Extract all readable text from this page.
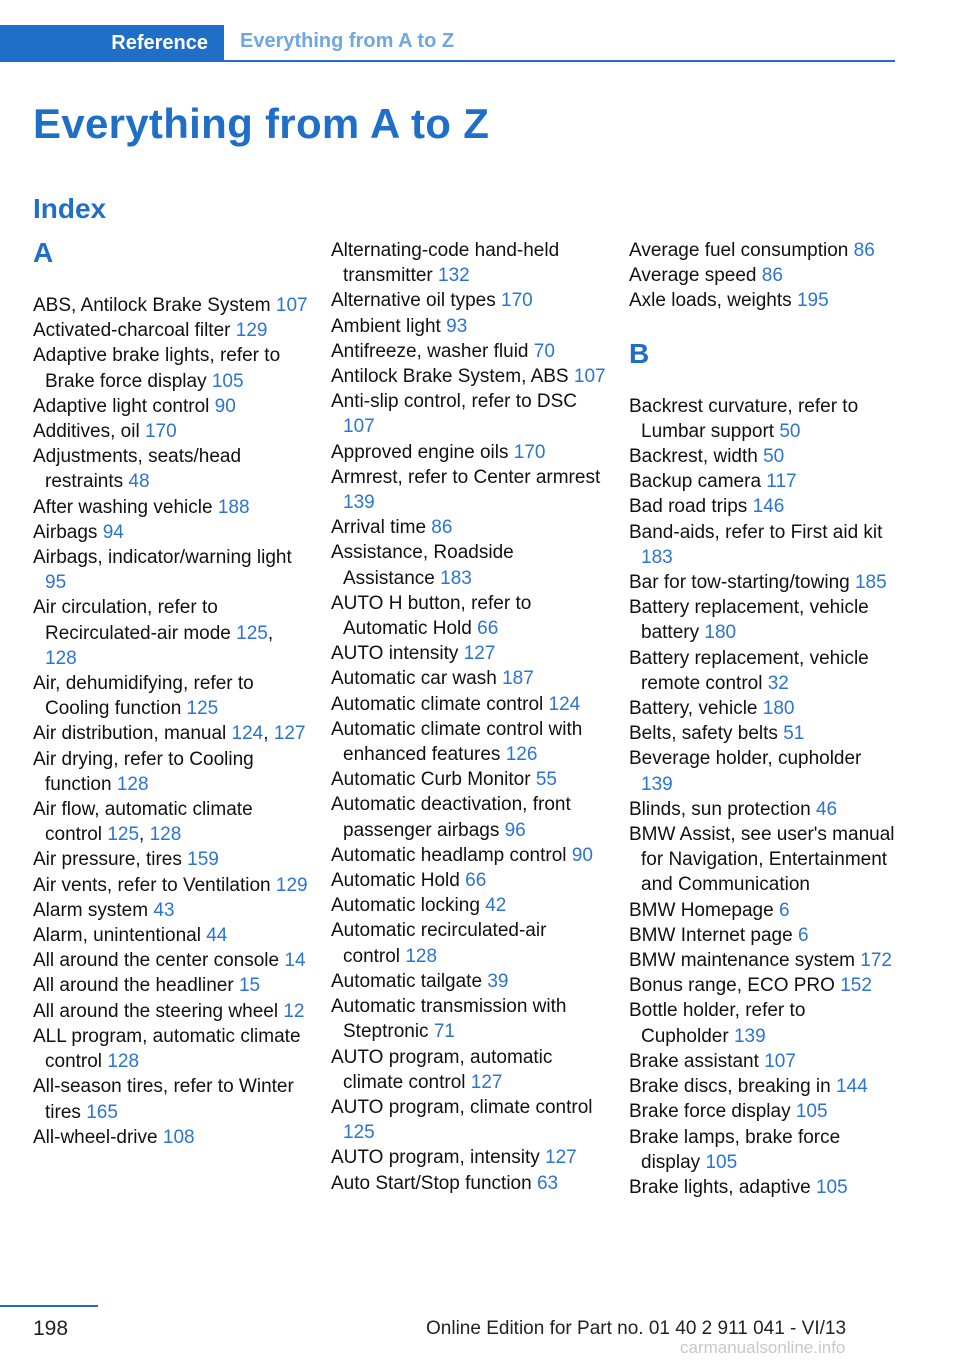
Reference Everything from A to Z
Everything from A to Z
Index
A
ABS, Antilock Brake System 107
Activated-charcoal filter 129
Adaptive brake lights, refer to Brake force display 105
Adaptive light control 90
Additives, oil 170
Adjustments, seats/head restraints 48
After washing vehicle 188
Airbags 94
Airbags, indicator/warning light 95
Air circulation, refer to Recirculated-air mode 125, 128
Air, dehumidifying, refer to Cooling function 125
Air distribution, manual 124, 127
Air drying, refer to Cooling function 128
Air flow, automatic climate control 125, 128
Air pressure, tires 159
Air vents, refer to Ventilation 129
Alarm system 43
Alarm, unintentional 44
All around the center console 14
All around the headliner 15
All around the steering wheel 12
ALL program, automatic climate control 128
All-season tires, refer to Winter tires 165
All-wheel-drive 108
Alternating-code hand-held transmitter 132
Alternative oil types 170
Ambient light 93
Antifreeze, washer fluid 70
Antilock Brake System, ABS 107
Anti-slip control, refer to DSC 107
Approved engine oils 170
Armrest, refer to Center armrest 139
Arrival time 86
Assistance, Roadside Assistance 183
AUTO H button, refer to Automatic Hold 66
AUTO intensity 127
Automatic car wash 187
Automatic climate control 124
Automatic climate control with enhanced features 126
Automatic Curb Monitor 55
Automatic deactivation, front passenger airbags 96
Automatic headlamp control 90
Automatic Hold 66
Automatic locking 42
Automatic recirculated-air control 128
Automatic tailgate 39
Automatic transmission with Steptronic 71
AUTO program, automatic climate control 127
AUTO program, climate control 125
AUTO program, intensity 127
Auto Start/Stop function 63
Average fuel consumption 86
Average speed 86
Axle loads, weights 195
B
Backrest curvature, refer to Lumbar support 50
Backrest, width 50
Backup camera 117
Bad road trips 146
Band-aids, refer to First aid kit 183
Bar for tow-starting/towing 185
Battery replacement, vehicle battery 180
Battery replacement, vehicle remote control 32
Battery, vehicle 180
Belts, safety belts 51
Beverage holder, cupholder 139
Blinds, sun protection 46
BMW Assist, see user's manual for Navigation, Entertainment and Communication
BMW Homepage 6
BMW Internet page 6
BMW maintenance system 172
Bonus range, ECO PRO 152
Bottle holder, refer to Cupholder 139
Brake assistant 107
Brake discs, breaking in 144
Brake force display 105
Brake lamps, brake force display 105
Brake lights, adaptive 105
198	Online Edition for Part no. 01 40 2 911 041 - VI/13
carmanualsonline.info
